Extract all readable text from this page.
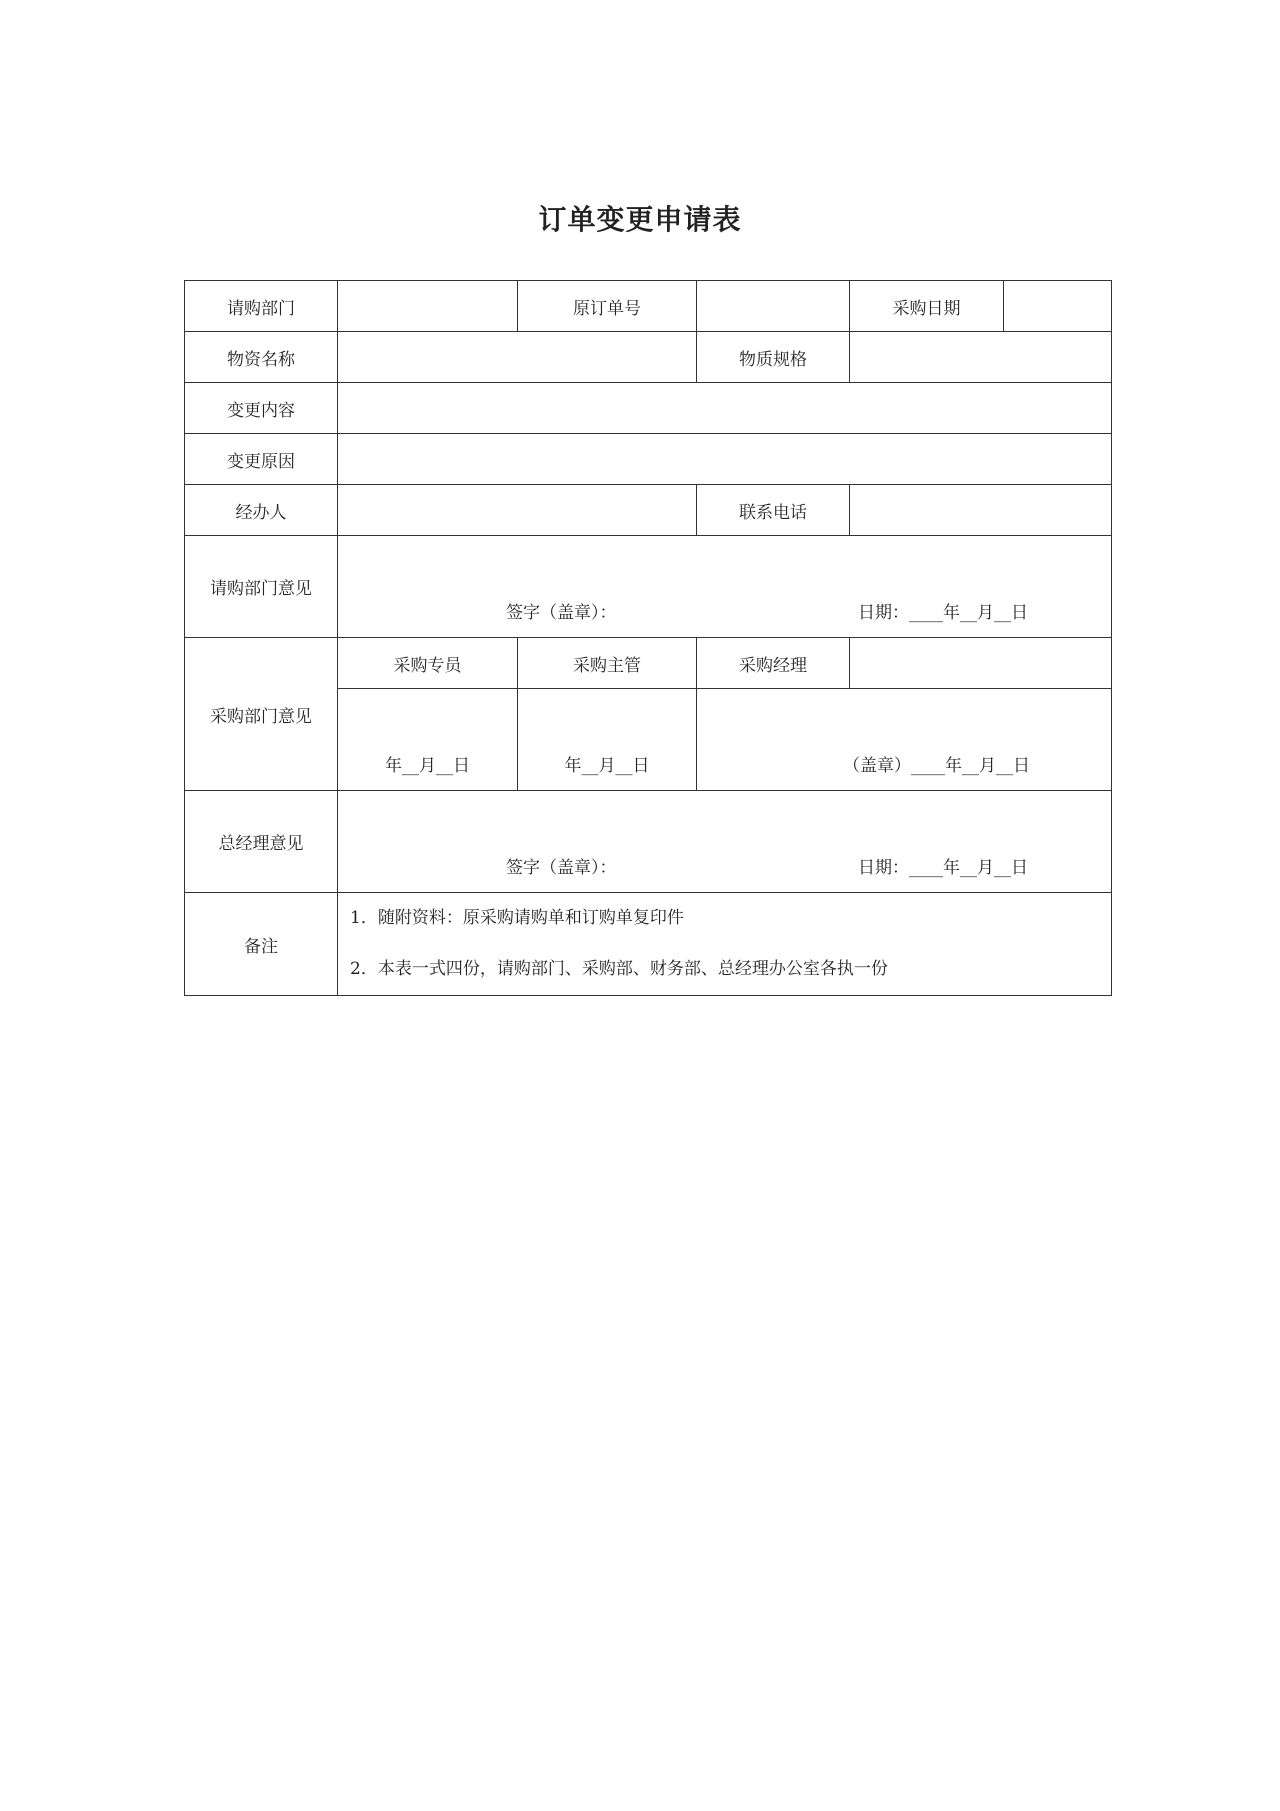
订单变更申请表
请购部门		原订单号		采购日期	
物资名称			物质规格		
变更内容					
变更原因					
经办人			联系电话		
请购部门意见	签字（盖章）： 日期：____年__月__日				

采购部门意见	采购专员	采购主管	采购经理		
	年__月__日	年__月__日	（盖章）____年__月__日		

总经理意见	签字（盖章）： 日期：____年__月__日				

备注	1．随附资料：原采购请购单和订购单复印件
2．本表一式四份，请购部门、采购部、财务部、总经理办公室各执一份				
